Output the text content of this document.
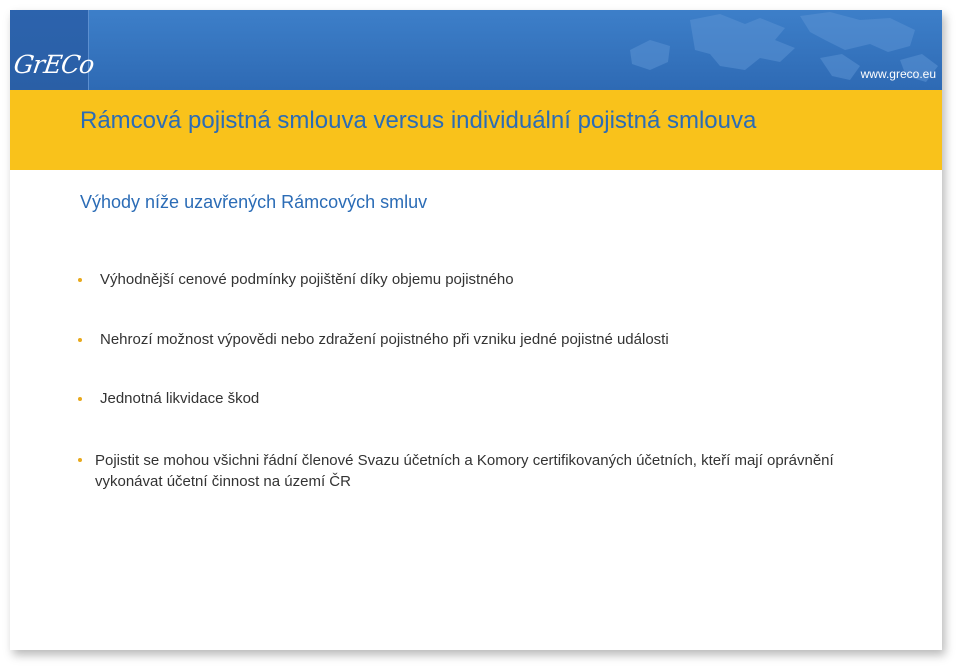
GrECo	www.greco.eu
Rámcová pojistná smlouva versus individuální pojistná smlouva
Výhody níže uzavřených Rámcových smluv
Výhodnější cenové podmínky pojištění díky objemu pojistného
Nehrozí možnost výpovědi nebo zdražení pojistného při vzniku jedné pojistné události
Jednotná likvidace škod
Pojistit se mohou všichni řádní členové Svazu účetních a Komory certifikovaných účetních, kteří mají oprávnění vykonávat účetní činnost na území ČR
